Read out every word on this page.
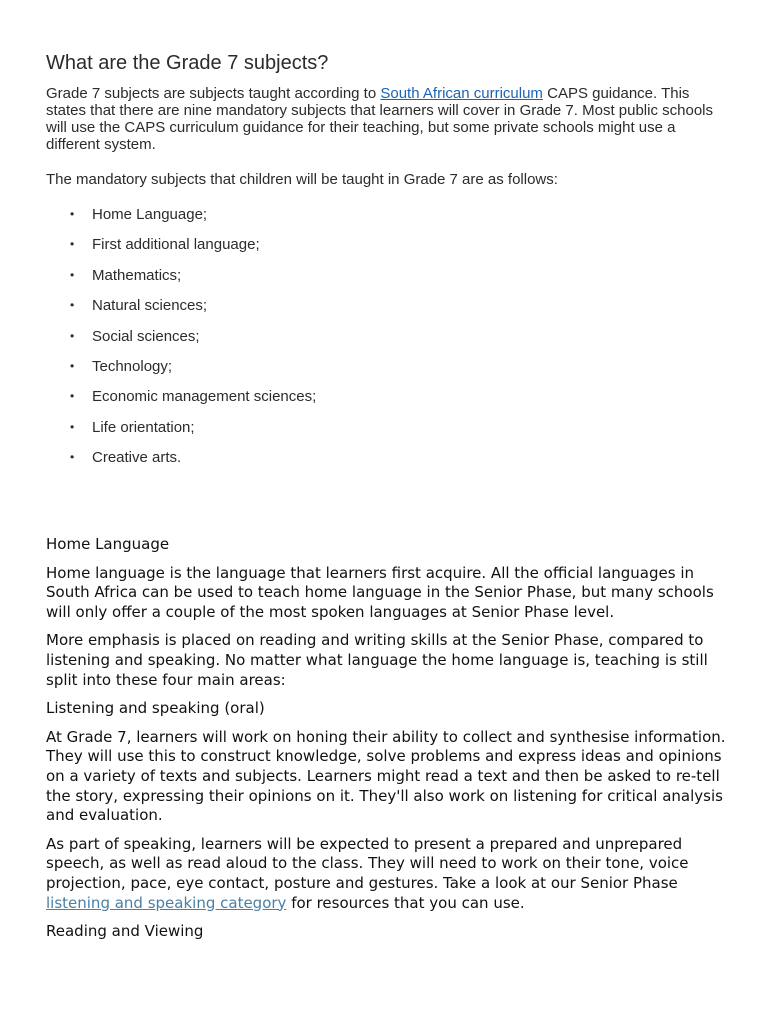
What are the Grade 7 subjects?

Grade 7 subjects are subjects taught according to South African curriculum CAPS guidance. This states that there are nine mandatory subjects that learners will cover in Grade 7. Most public schools will use the CAPS curriculum guidance for their teaching, but some private schools might use a different system.

The mandatory subjects that children will be taught in Grade 7 are as follows:

• Home Language;
• First additional language;
• Mathematics;
• Natural sciences;
• Social sciences;
• Technology;
• Economic management sciences;
• Life orientation;
• Creative arts.

Home Language

Home language is the language that learners first acquire. All the official languages in South Africa can be used to teach home language in the Senior Phase, but many schools will only offer a couple of the most spoken languages at Senior Phase level.

More emphasis is placed on reading and writing skills at the Senior Phase, compared to listening and speaking. No matter what language the home language is, teaching is still split into these four main areas:

Listening and speaking (oral)

At Grade 7, learners will work on honing their ability to collect and synthesise information. They will use this to construct knowledge, solve problems and express ideas and opinions on a variety of texts and subjects. Learners might read a text and then be asked to re-tell the story, expressing their opinions on it. They'll also work on listening for critical analysis and evaluation.

As part of speaking, learners will be expected to present a prepared and unprepared speech, as well as read aloud to the class. They will need to work on their tone, voice projection, pace, eye contact, posture and gestures. Take a look at our Senior Phase listening and speaking category for resources that you can use.

Reading and Viewing
